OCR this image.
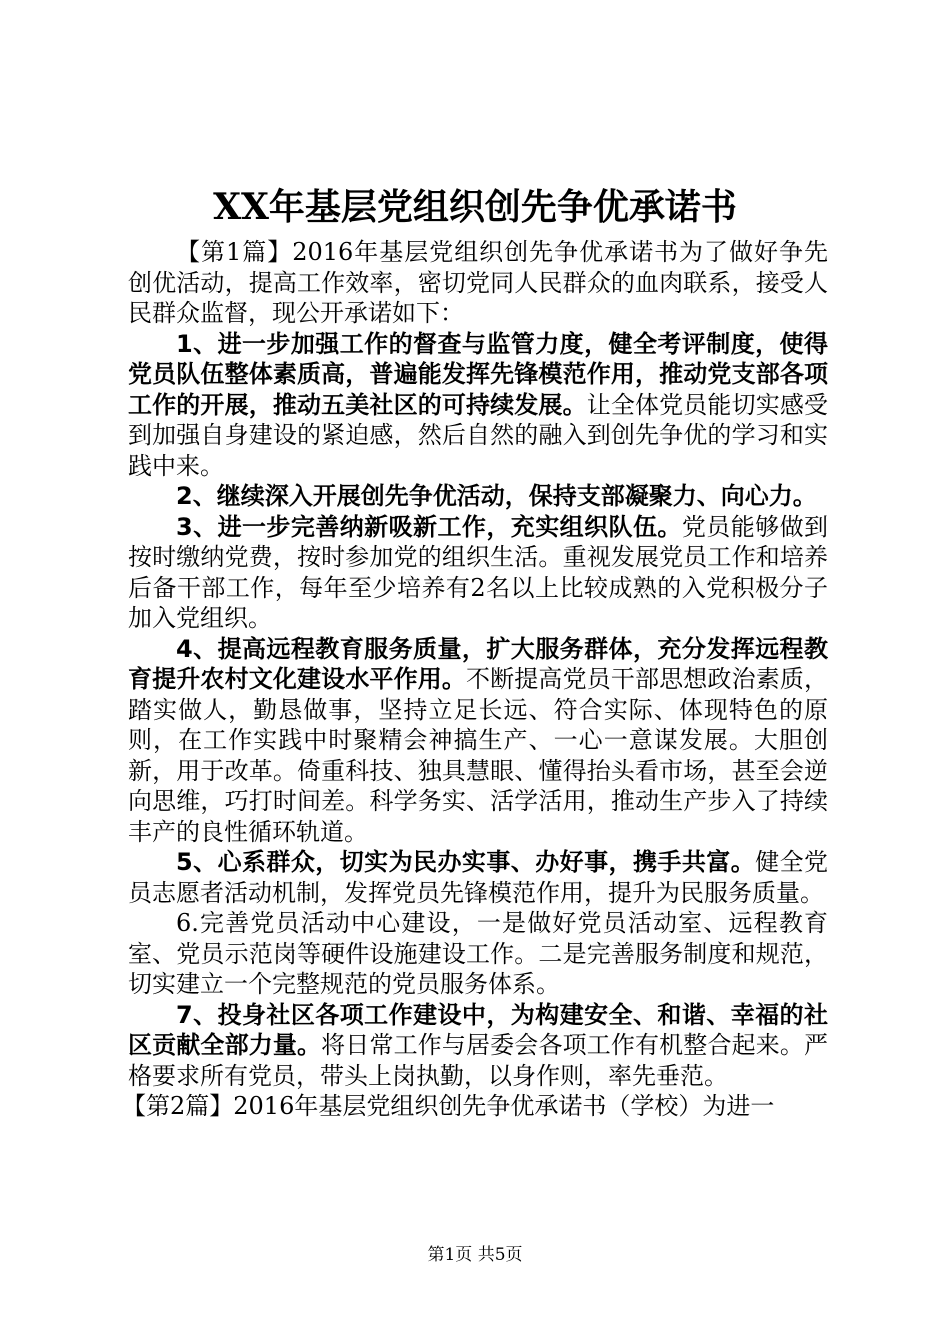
XX年基层党组织创先争优承诺书

【第1篇】2016年基层党组织创先争优承诺书为了做好争先创优活动，提高工作效率，密切党同人民群众的血肉联系，接受人民群众监督，现公开承诺如下：

1、进一步加强工作的督查与监管力度，健全考评制度，使得党员队伍整体素质高，普遍能发挥先锋模范作用，推动党支部各项工作的开展，推动五美社区的可持续发展。让全体党员能切实感受到加强自身建设的紧迫感，然后自然的融入到创先争优的学习和实践中来。

2、继续深入开展创先争优活动，保持支部凝聚力、向心力。

3、进一步完善纳新吸新工作，充实组织队伍。党员能够做到按时缴纳党费，按时参加党的组织生活。重视发展党员工作和培养后备干部工作，每年至少培养有2名以上比较成熟的入党积极分子加入党组织。

4、提高远程教育服务质量，扩大服务群体，充分发挥远程教育提升农村文化建设水平作用。不断提高党员干部思想政治素质，踏实做人，勤恳做事，坚持立足长远、符合实际、体现特色的原则，在工作实践中时聚精会神搞生产、一心一意谋发展。大胆创新，用于改革。倚重科技、独具慧眼、懂得抬头看市场，甚至会逆向思维，巧打时间差。科学务实、活学活用，推动生产步入了持续丰产的良性循环轨道。

5、心系群众，切实为民办实事、办好事，携手共富。健全党员志愿者活动机制，发挥党员先锋模范作用，提升为民服务质量。

6.完善党员活动中心建设，一是做好党员活动室、远程教育室、党员示范岗等硬件设施建设工作。二是完善服务制度和规范，切实建立一个完整规范的党员服务体系。

7、投身社区各项工作建设中，为构建安全、和谐、幸福的社区贡献全部力量。将日常工作与居委会各项工作有机整合起来。严格要求所有党员，带头上岗执勤，以身作则，率先垂范。

【第2篇】2016年基层党组织创先争优承诺书（学校）为进一

第1页 共5页
